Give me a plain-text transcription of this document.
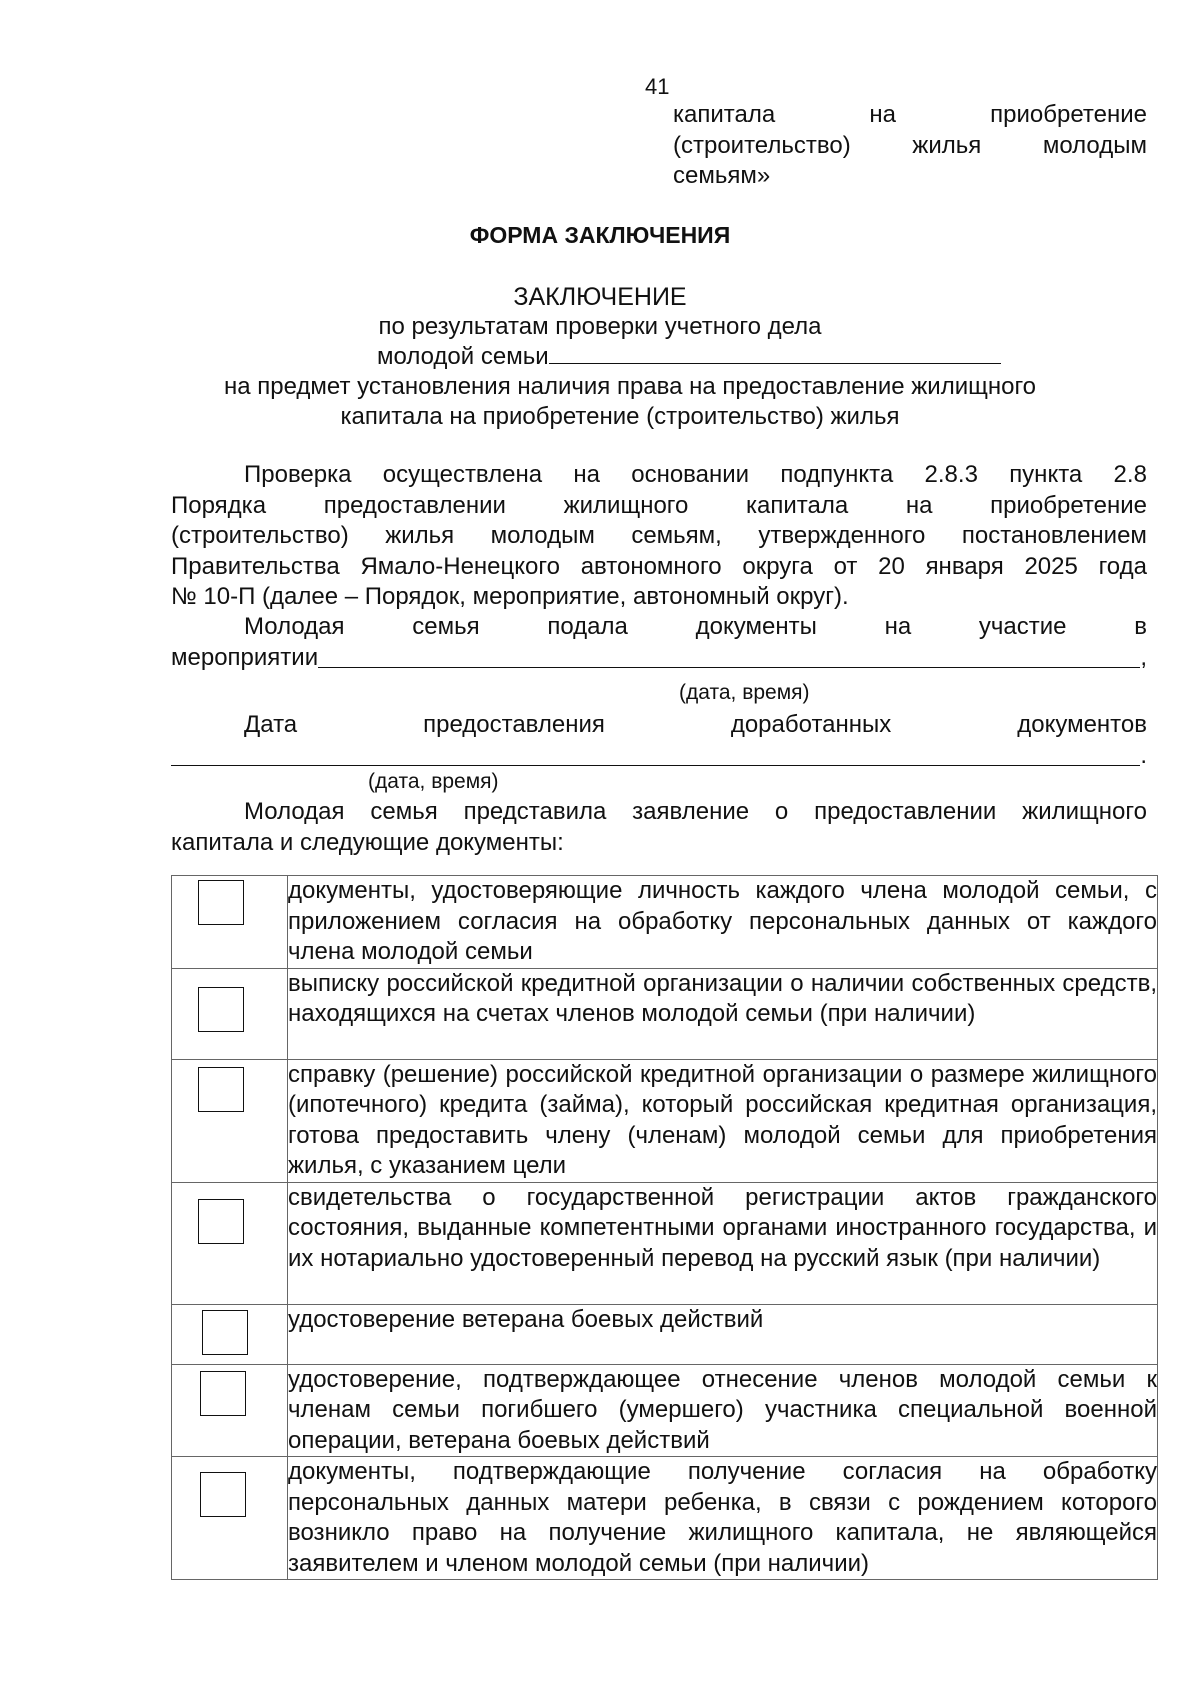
41
капитала	на	приобретение
(строительство)	жилья	молодым
семьям»
ФОРМА ЗАКЛЮЧЕНИЯ
ЗАКЛЮЧЕНИЕ
по результатам проверки учетного дела
молодой семьи
на предмет установления наличия права на предоставление жилищного
капитала на приобретение (строительство) жилья
Проверка осуществлена на основании подпункта 2.8.3 пункта 2.8
Порядка предоставлении жилищного капитала на приобретение
(строительство) жилья молодым семьям, утвержденного постановлением
Правительства Ямало-Ненецкого автономного округа от 20 января 2025 года
№ 10-П (далее – Порядок, мероприятие, автономный округ).
Молодая	семья	подала	документы	на	участие	в
мероприятии	,
(дата, время)
Дата	предоставления	доработанных	документов
.
(дата, время)
Молодая семья представила заявление о предоставлении жилищного
капитала и следующие документы:
	документы, удостоверяющие личность каждого члена молодой семьи, с приложением согласия на обработку персональных данных от каждого члена молодой семьи

	выписку российской кредитной организации о наличии собственных средств, находящихся на счетах членов молодой семьи (при наличии)

	справку (решение) российской кредитной организации о размере жилищного (ипотечного) кредита (займа), который российская кредитная организация, готова предоставить члену (членам) молодой семьи для приобретения жилья, с указанием цели

	свидетельства о государственной регистрации актов гражданского состояния, выданные компетентными органами иностранного государства, и их нотариально удостоверенный перевод на русский язык (при наличии)

	удостоверение ветерана боевых действий

	удостоверение, подтверждающее отнесение членов молодой семьи к членам семьи погибшего (умершего) участника специальной военной операции, ветерана боевых действий

	документы, подтверждающие получение согласия на обработку персональных данных матери ребенка, в связи с рождением которого возникло право на получение жилищного капитала, не являющейся заявителем и членом молодой семьи (при наличии)
